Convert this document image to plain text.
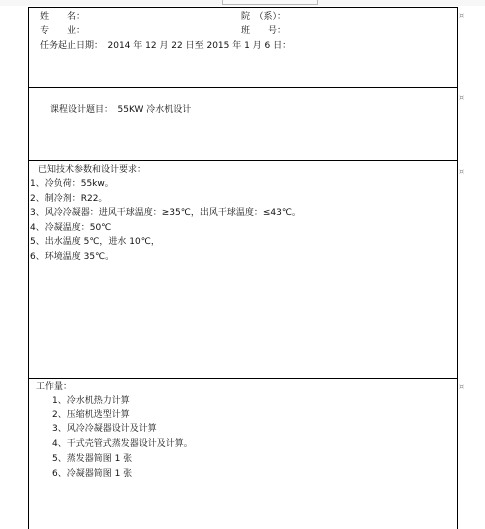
姓　　名：	院　（系）：
专　　业：	班　　号：
任务起止日期：　2014 年 12 月 22 日至 2015 年 1 月 6 日：
课程设计题目：　55KW 冷水机设计
已知技术参数和设计要求：
1、冷负荷：55kw。
2、制冷剂：R22。
3、风冷冷凝器：进风干球温度：≥35℃，出风干球温度：≤43℃。
4、冷凝温度：50℃
5、出水温度 5℃，进水 10℃，
6、环境温度 35℃。
工作量：
1、冷水机热力计算
2、压缩机选型计算
3、风冷冷凝器设计及计算
4、干式壳管式蒸发器设计及计算。
5、蒸发器简图 1 张
6、冷凝器简图 1 张
¤
¤
¤
¤
